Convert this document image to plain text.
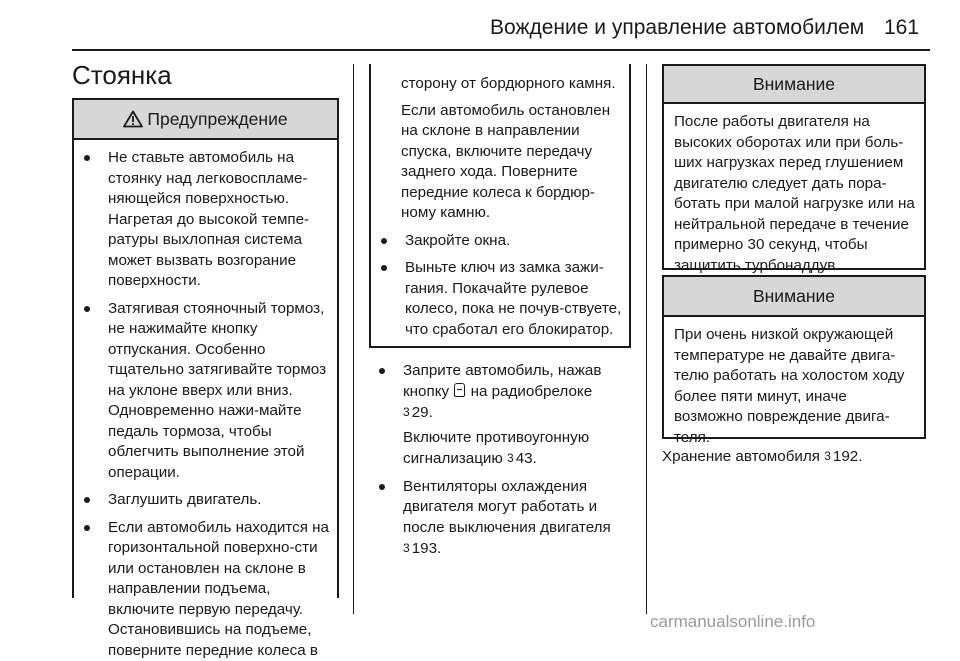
Вождение и управление автомобилем 161
Стоянка
Предупреждение
Не ставьте автомобиль на стоянку над легковоспламе-няющейся поверхностью. Нагретая до высокой темпе-ратуры выхлопная система может вызвать возгорание поверхности.
Затягивая стояночный тормоз, не нажимайте кнопку отпускания. Особенно тщательно затягивайте тормоз на уклоне вверх или вниз. Одновременно нажи-майте педаль тормоза, чтобы облегчить выполнение этой операции.
Заглушить двигатель.
Если автомобиль находится на горизонтальной поверхно-сти или остановлен на склоне в направлении подъема, включите первую передачу. Остановившись на подъеме, поверните передние колеса в

сторону от бордюрного камня.

Если автомобиль остановлен на склоне в направлении спуска, включите передачу заднего хода. Поверните передние колеса к бордюр-ному камню.

Закройте окна.
Выньте ключ из замка зажи-гания. Покачайте рулевое колесо, пока не почув-ствуете, что сработал его блокиратор.
Заприте автомобиль, нажав кнопку на радиобрелоке
3 29.

Включите противоугонную сигнализацию 3 43.

Вентиляторы охлаждения двигателя могут работать и после выключения двигателя
3 193.
Внимание

После работы двигателя на высоких оборотах или при боль-ших нагрузках перед глушением двигателю следует дать пора-ботать при малой нагрузке или на нейтральной передаче в течение примерно 30 секунд, чтобы защитить турбонаддув.

Внимание

При очень низкой окружающей температуре не давайте двига-телю работать на холостом ходу более пяти минут, иначе возможно повреждение двига-теля.

Хранение автомобиля 3 192.

carmanualsonline.info
